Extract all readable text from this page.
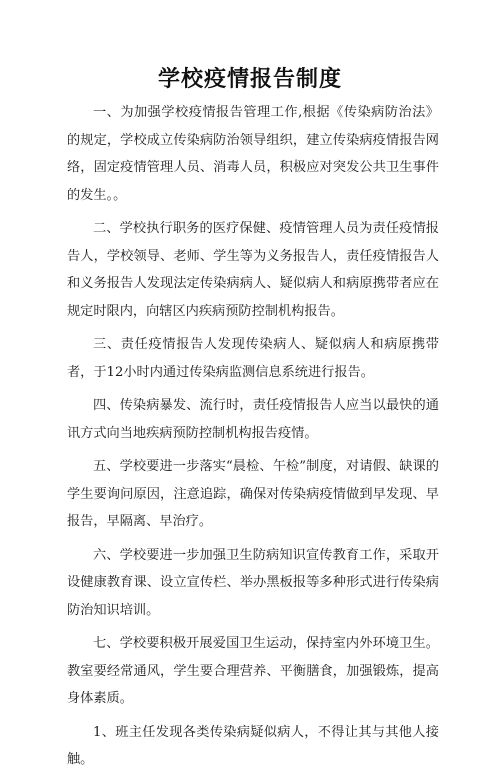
学校疫情报告制度

一、为加强学校疫情报告管理工作,根据《传染病防治法》的规定，学校成立传染病防治领导组织，建立传染病疫情报告网络，固定疫情管理人员、消毒人员，积极应对突发公共卫生事件的发生。。

二、学校执行职务的医疗保健、疫情管理人员为责任疫情报告人，学校领导、老师、学生等为义务报告人，责任疫情报告人和义务报告人发现法定传染病病人、疑似病人和病原携带者应在规定时限内，向辖区内疾病预防控制机构报告。

三、责任疫情报告人发现传染病人、疑似病人和病原携带者，于12小时内通过传染病监测信息系统进行报告。

四、传染病暴发、流行时，责任疫情报告人应当以最快的通讯方式向当地疾病预防控制机构报告疫情。

五、学校要进一步落实“晨检、午检”制度，对请假、缺课的学生要询问原因，注意追踪，确保对传染病疫情做到早发现、早报告，早隔离、早治疗。

六、学校要进一步加强卫生防病知识宣传教育工作，采取开设健康教育课、设立宣传栏、举办黑板报等多种形式进行传染病防治知识培训。

七、学校要积极开展爱国卫生运动，保持室内外环境卫生。教室要经常通风，学生要合理营养、平衡膳食，加强锻炼，提高身体素质。

1、班主任发现各类传染病疑似病人，不得让其与其他人接触。
